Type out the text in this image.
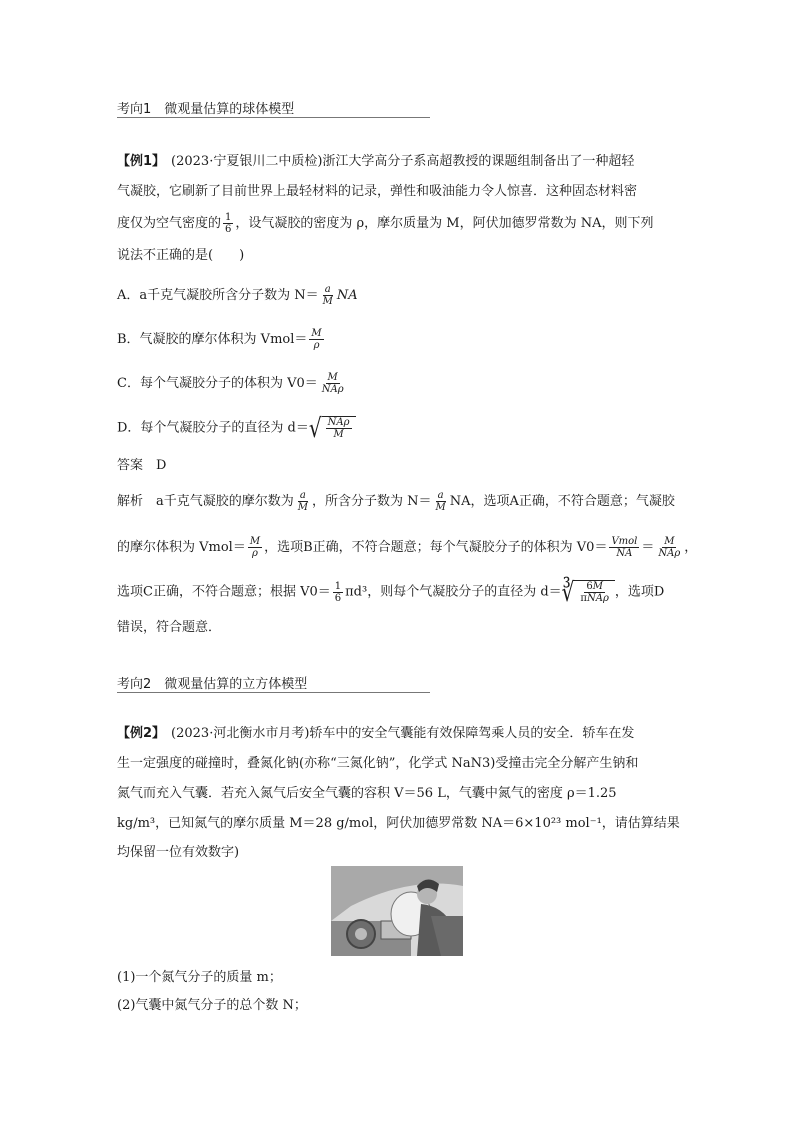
考向1　微观量估算的球体模型
【例1】 (2023·宁夏银川二中质检)浙江大学高分子系高超教授的课题组制备出了一种超轻
气凝胶，它刷新了目前世界上最轻材料的记录，弹性和吸油能力令人惊喜．这种固态材料密
度仅为空气密度的 $\frac{1}{6}$ ，设气凝胶的密度为 ρ，摩尔质量为 M，阿伏加德罗常数为 NA，则下列
说法不正确的是(　　)
A．a千克气凝胶所含分子数为 $N= \frac{a}{M}$ NA
B．气凝胶的摩尔体积为 Vmol＝ $\frac{M}{\rho}$
C．每个气凝胶分子的体积为 $V0= \frac{M}{\text{NAρ}}$
D．每个气凝胶分子的直径为 d＝ √ $\frac{\text{NAρ}}{M}$
答案　D
解析　a千克气凝胶的摩尔数为 $\frac{a}{M}$ ，所含分子数为 $N= \frac{a}{M}$ NA，选项A正确，不符合题意；气凝胶
的摩尔体积为 Vmol＝ $\frac{M}{\rho}$ ，选项B正确，不符合题意；每个气凝胶分子的体积为 $V0= \frac{\text{Vmol}}{NA} = \frac{M}{\text{NAρ}}$ ，
选项C正确，不符合题意；根据 $V0= \frac{1}{6} \pi d^3$，则每个气凝胶分子的直径为 d＝ ∛ $\frac{6M}{\text{πNAρ}}$ ，选项D
错误，符合题意．
考向2　微观量估算的立方体模型
【例2】 (2023·河北衡水市月考)轿车中的安全气囊能有效保障驾乘人员的安全．轿车在发
生一定强度的碰撞时，叠氮化钠(亦称“三氮化钠”，化学式 NaN3)受撞击完全分解产生钠和
氮气而充入气囊．若充入氮气后安全气囊的容积 V＝56 L，气囊中氮气的密度 ρ＝1.25
kg/m³，已知氮气的摩尔质量 M＝28 g/mol，阿伏加德罗常数 NA＝6×10²³ mol⁻¹，请估算结果
均保留一位有效数字)
(1)一个氮气分子的质量 m；
(2)气囊中氮气分子的总个数 N；
